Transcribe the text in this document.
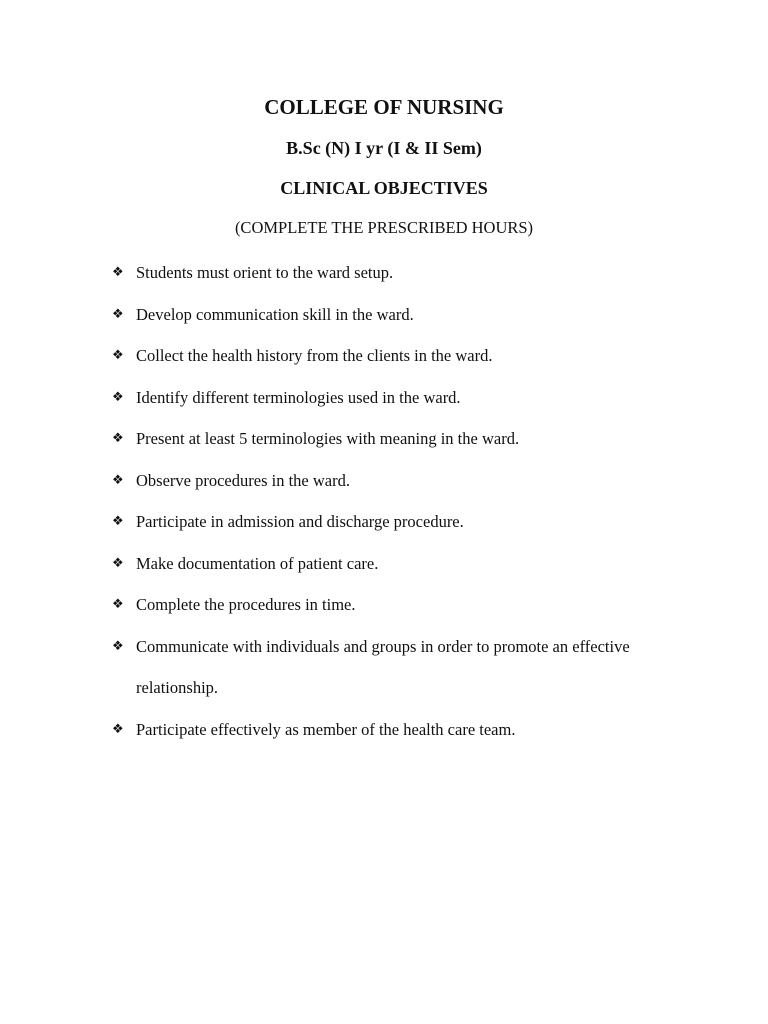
COLLEGE OF NURSING
B.Sc (N) I yr (I & II Sem)
CLINICAL OBJECTIVES
(COMPLETE THE PRESCRIBED HOURS)
❖ Students must orient to the ward setup.
❖ Develop communication skill in the ward.
❖ Collect the health history from the clients in the ward.
❖ Identify different terminologies used in the ward.
❖ Present at least 5 terminologies with meaning in the ward.
❖ Observe procedures in the ward.
❖ Participate in admission and discharge procedure.
❖ Make documentation of patient care.
❖ Complete the procedures in time.
❖ Communicate with individuals and groups in order to promote an effective relationship.
❖ Participate effectively as member of the health care team.
